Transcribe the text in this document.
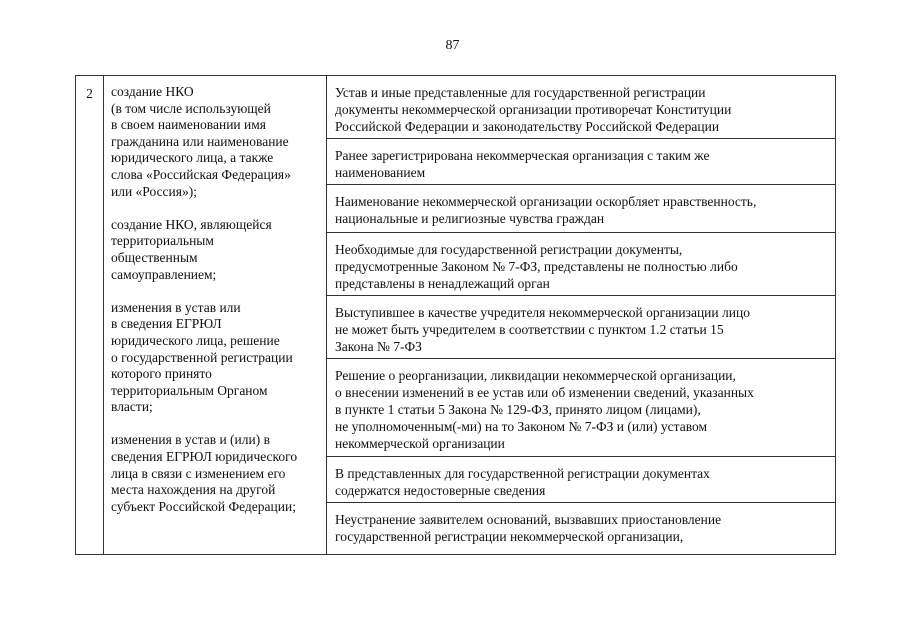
87
2	создание НКО
(в том числе использующей
в своем наименовании имя
гражданина или наименование
юридического лица, а также
слова «Российская Федерация»
или «Россия»);

создание НКО, являющейся
территориальным
общественным
самоуправлением;

изменения в устав или
в сведения ЕГРЮЛ
юридического лица, решение
о государственной регистрации
которого принято
территориальным Органом
власти;

изменения в устав и (или) в
сведения ЕГРЮЛ юридического
лица в связи с изменением его
места нахождения на другой
субъект Российской Федерации;

Устав и иные представленные для государственной регистрации
документы некоммерческой организации противоречат Конституции
Российской Федерации и законодательству Российской Федерации
Ранее зарегистрирована некоммерческая организация с таким же
наименованием
Наименование некоммерческой организации оскорбляет нравственность,
национальные и религиозные чувства граждан
Необходимые для государственной регистрации документы,
предусмотренные Законом № 7-ФЗ, представлены не полностью либо
представлены в ненадлежащий орган
Выступившее в качестве учредителя некоммерческой организации лицо
не может быть учредителем в соответствии с пунктом 1.2 статьи 15
Закона № 7-ФЗ
Решение о реорганизации, ликвидации некоммерческой организации,
о внесении изменений в ее устав или об изменении сведений, указанных
в пункте 1 статьи 5 Закона № 129-ФЗ, принято лицом (лицами),
не уполномоченным(-ми) на то Законом № 7-ФЗ и (или) уставом
некоммерческой организации
В представленных для государственной регистрации документах
содержатся недостоверные сведения
Неустранение заявителем оснований, вызвавших приостановление
государственной регистрации некоммерческой организации,
